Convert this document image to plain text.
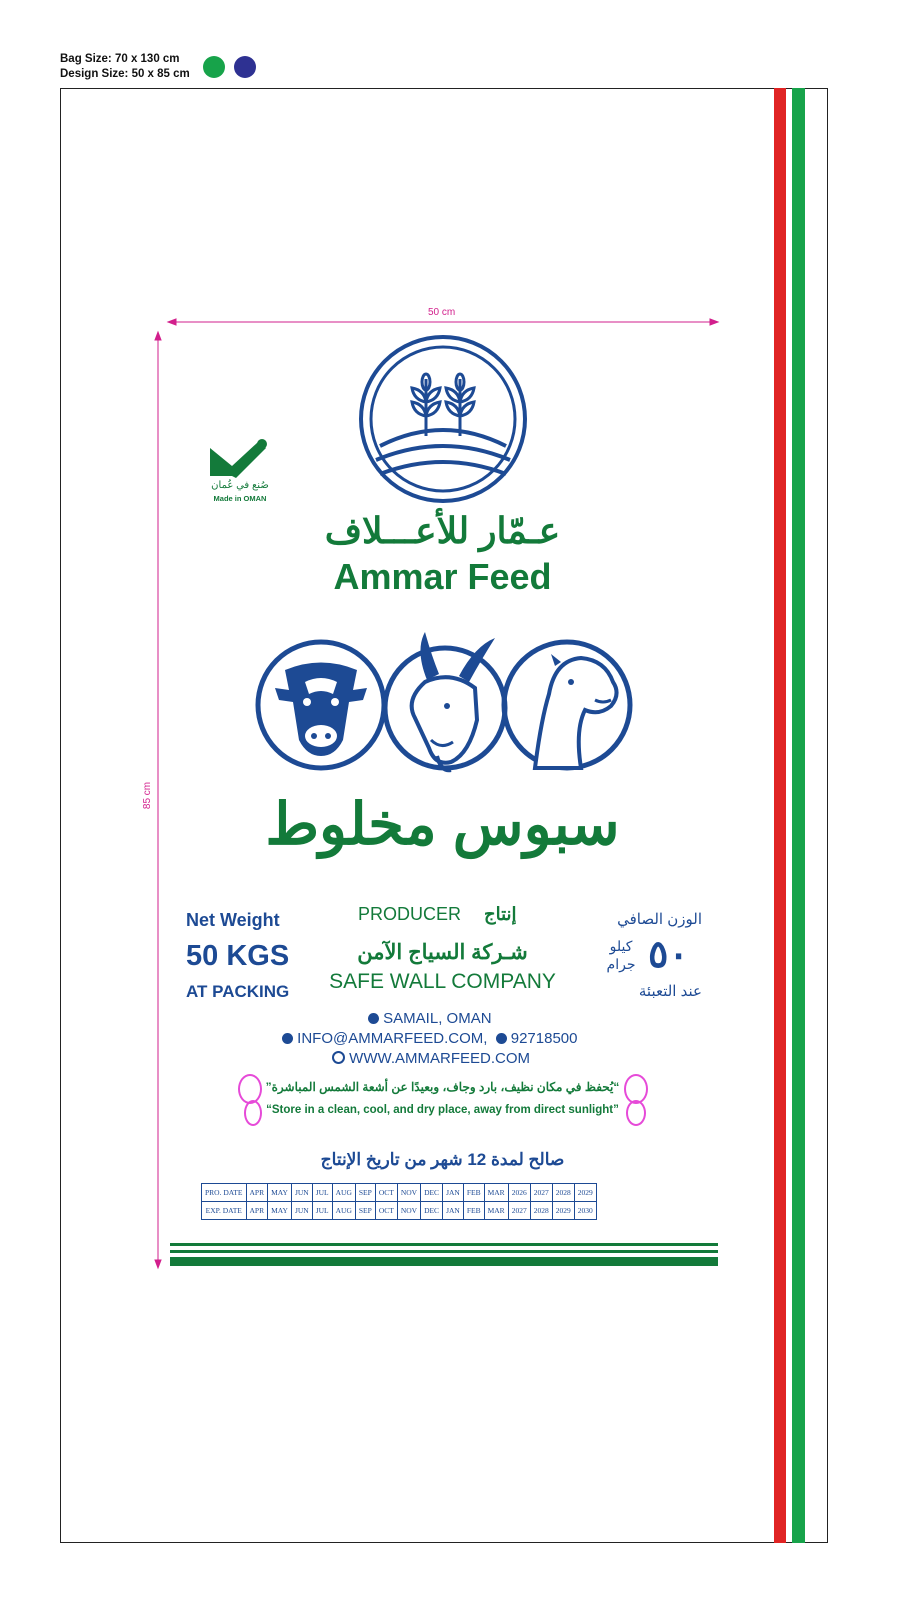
Bag Size: 70 x 130 cm
Design Size: 50 x 85 cm
50 cm
85 cm
صُنع في عُمان
Made in OMAN
عـمّار للأعـــلاف
Ammar Feed
سبوس مخلوط
Net Weight
50 KGS
AT PACKING
الوزن الصافي
٥٠
كيلو
جرام
عند التعبئة
PRODUCER إنتاج
شـركة السياج الآمن
SAFE WALL COMPANY
SAMAIL, OMAN
INFO@AMMARFEED.COM, 92718500
WWW.AMMARFEED.COM
“يُحفظ في مكان نظيف، بارد وجاف، وبعيدًا عن أشعة الشمس المباشرة”
“Store in a clean, cool, and dry place, away from direct sunlight”
صالح لمدة 12 شهر من تاريخ الإنتاج
PRO. DATE	APR	MAY	JUN	JUL	AUG	SEP	OCT	NOV	DEC	JAN	FEB	MAR	2026	2027	2028	2029
EXP. DATE	APR	MAY	JUN	JUL	AUG	SEP	OCT	NOV	DEC	JAN	FEB	MAR	2027	2028	2029	2030
